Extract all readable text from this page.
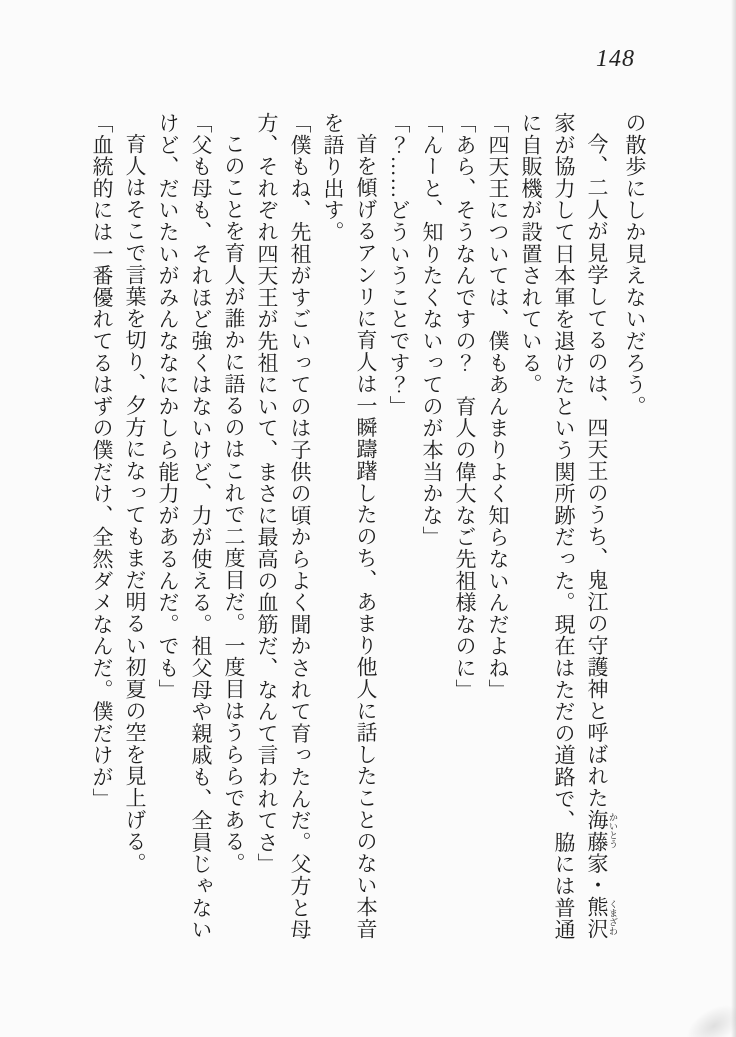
148

の散歩にしか見えないだろう。

今、二人が見学してるのは、四天王のうち、鬼江の守護神と呼ばれた海藤 かいとう家・熊沢 くまざわ家が協力して日本軍を退けたという関所跡だった。現在はただの道路で、脇には普通に自販機が設置されている。

「四天王については、僕もあんまりよく知らないんだよね」

「あら、そうなんですの？　育人の偉大なご先祖様なのに」

「んーと、知りたくないってのが本当かな」

「？……どういうことです？」

首を傾げるアンリに育人は一瞬躊躇したのち、あまり他人に話したことのない本音を語り出す。

「僕もね、先祖がすごいってのは子供の頃からよく聞かされて育ったんだ。父方と母方、それぞれ四天王が先祖にいて、まさに最高の血筋だ、なんて言われてさ」

このことを育人が誰かに語るのはこれで二度目だ。一度目はうららである。

「父も母も、それほど強くはないけど、力が使える。祖父母や親戚も、全員じゃないけど、だいたいがみんななにかしら能力があるんだ。でも」

育人はそこで言葉を切り、夕方になってもまだ明るい初夏の空を見上げる。

「血統的には一番優れてるはずの僕だけ、全然ダメなんだ。僕だけが」
